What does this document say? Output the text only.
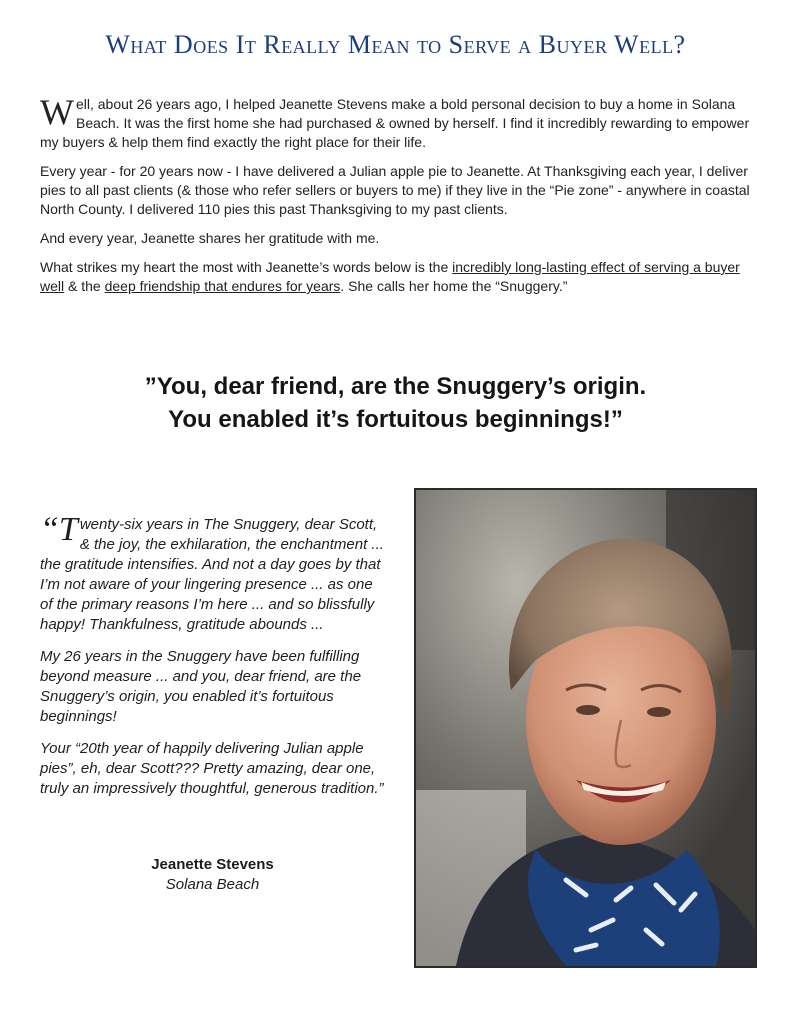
What Does It Really Mean to Serve a Buyer Well?

Well, about 26 years ago, I helped Jeanette Stevens make a bold personal decision to buy a home in Solana Beach. It was the first home she had purchased & owned by herself. I find it incredibly rewarding to empower my buyers & help them find exactly the right place for their life.

Every year - for 20 years now - I have delivered a Julian apple pie to Jeanette. At Thanksgiving each year, I deliver pies to all past clients (& those who refer sellers or buyers to me) if they live in the “Pie zone” - anywhere in coastal North County. I delivered 110 pies this past Thanksgiving to my past clients.

And every year, Jeanette shares her gratitude with me.

What strikes my heart the most with Jeanette’s words below is the incredibly long-lasting effect of serving a buyer well & the deep friendship that endures for years. She calls her home the “Snuggery.”

”You, dear friend, are the Snuggery’s origin.
You enabled it’s fortuitous beginnings!”

“Twenty-six years in The Snuggery, dear Scott, & the joy, the exhilaration, the enchantment ... the gratitude intensifies. And not a day goes by that I’m not aware of your lingering presence ... as one of the primary reasons I’m here ... and so blissfully happy! Thankfulness, gratitude abounds ...

My 26 years in the Snuggery have been fulfilling beyond measure ... and you, dear friend, are the Snuggery’s origin, you enabled it’s fortuitous beginnings!

Your “20th year of happily delivering Julian apple pies”, eh, dear Scott??? Pretty amazing, dear one, truly an impressively thoughtful, generous tradition.”

Jeanette Stevens
Solana Beach
